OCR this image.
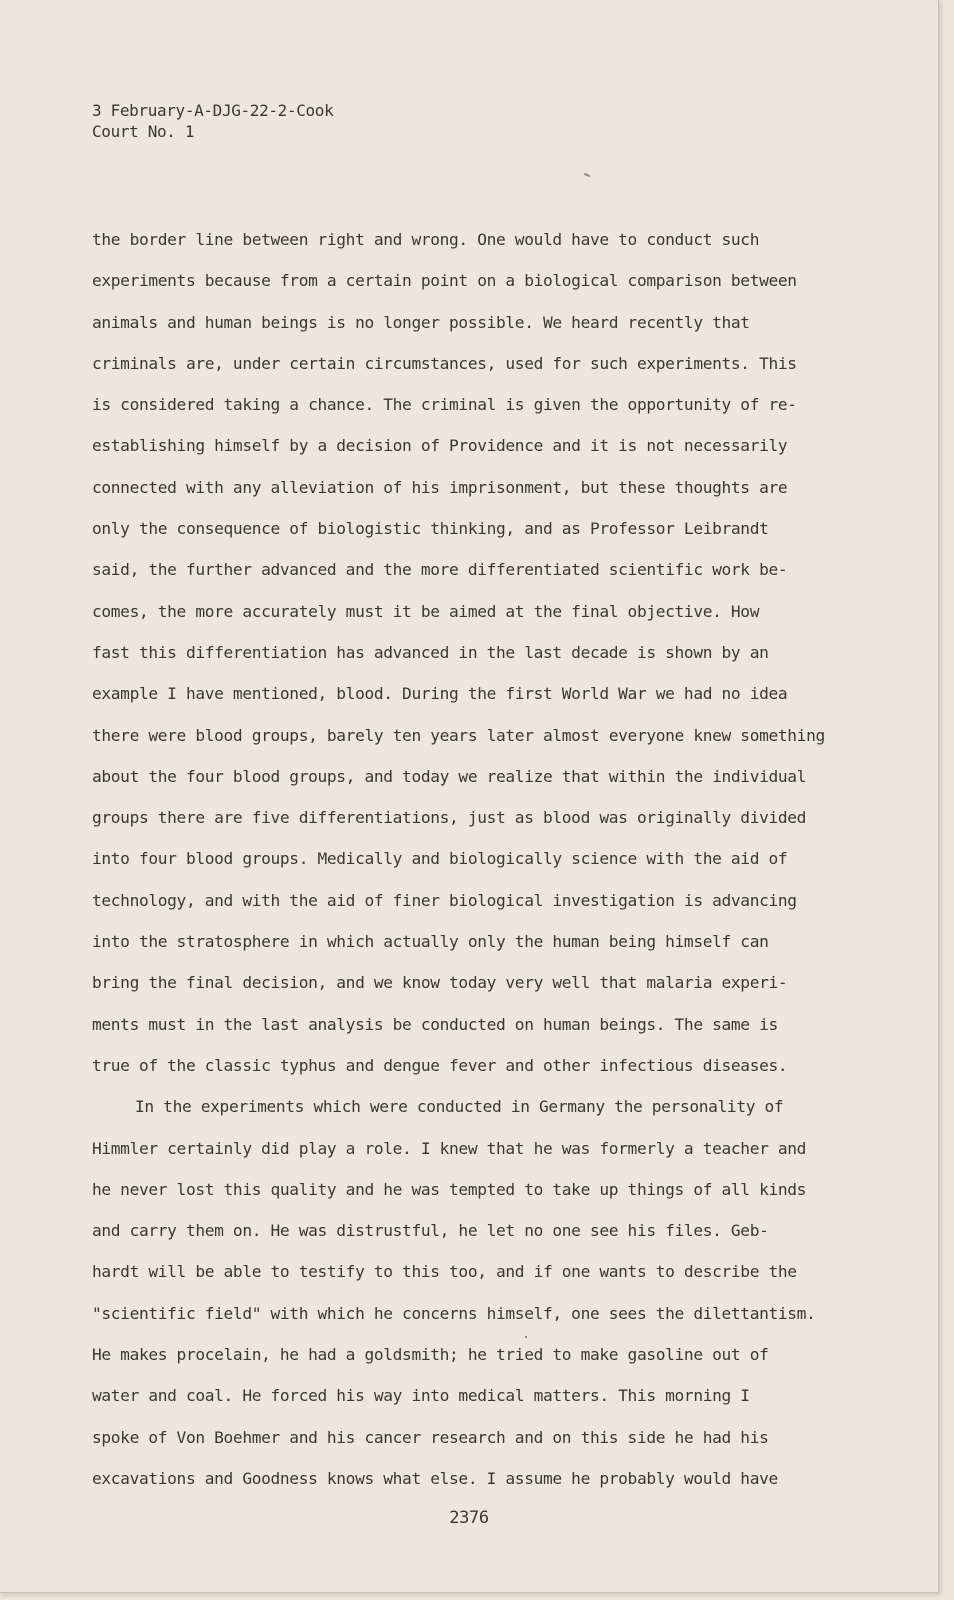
3 February-A-DJG-22-2-Cook
Court No. 1
the border line between right and wrong. One would have to conduct such
experiments because from a certain point on a biological comparison between
animals and human beings is no longer possible. We heard recently that
criminals are, under certain circumstances, used for such experiments. This
is considered taking a chance. The criminal is given the opportunity of re-
establishing himself by a decision of Providence and it is not necessarily
connected with any alleviation of his imprisonment, but these thoughts are
only the consequence of biologistic thinking, and as Professor Leibrandt
said, the further advanced and the more differentiated scientific work be-
comes, the more accurately must it be aimed at the final objective. How
fast this differentiation has advanced in the last decade is shown by an
example I have mentioned, blood. During the first World War we had no idea
there were blood groups, barely ten years later almost everyone knew something
about the four blood groups, and today we realize that within the individual
groups there are five differentiations, just as blood was originally divided
into four blood groups. Medically and biologically science with the aid of
technology, and with the aid of finer biological investigation is advancing
into the stratosphere in which actually only the human being himself can
bring the final decision, and we know today very well that malaria experi-
ments must in the last analysis be conducted on human beings. The same is
true of the classic typhus and dengue fever and other infectious diseases.
In the experiments which were conducted in Germany the personality of
Himmler certainly did play a role. I knew that he was formerly a teacher and
he never lost this quality and he was tempted to take up things of all kinds
and carry them on. He was distrustful, he let no one see his files. Geb-
hardt will be able to testify to this too, and if one wants to describe the
"scientific field" with which he concerns himself, one sees the dilettantism.
He makes procelain, he had a goldsmith; he tried to make gasoline out of
water and coal. He forced his way into medical matters. This morning I
spoke of Von Boehmer and his cancer research and on this side he had his
excavations and Goodness knows what else. I assume he probably would have
2376
